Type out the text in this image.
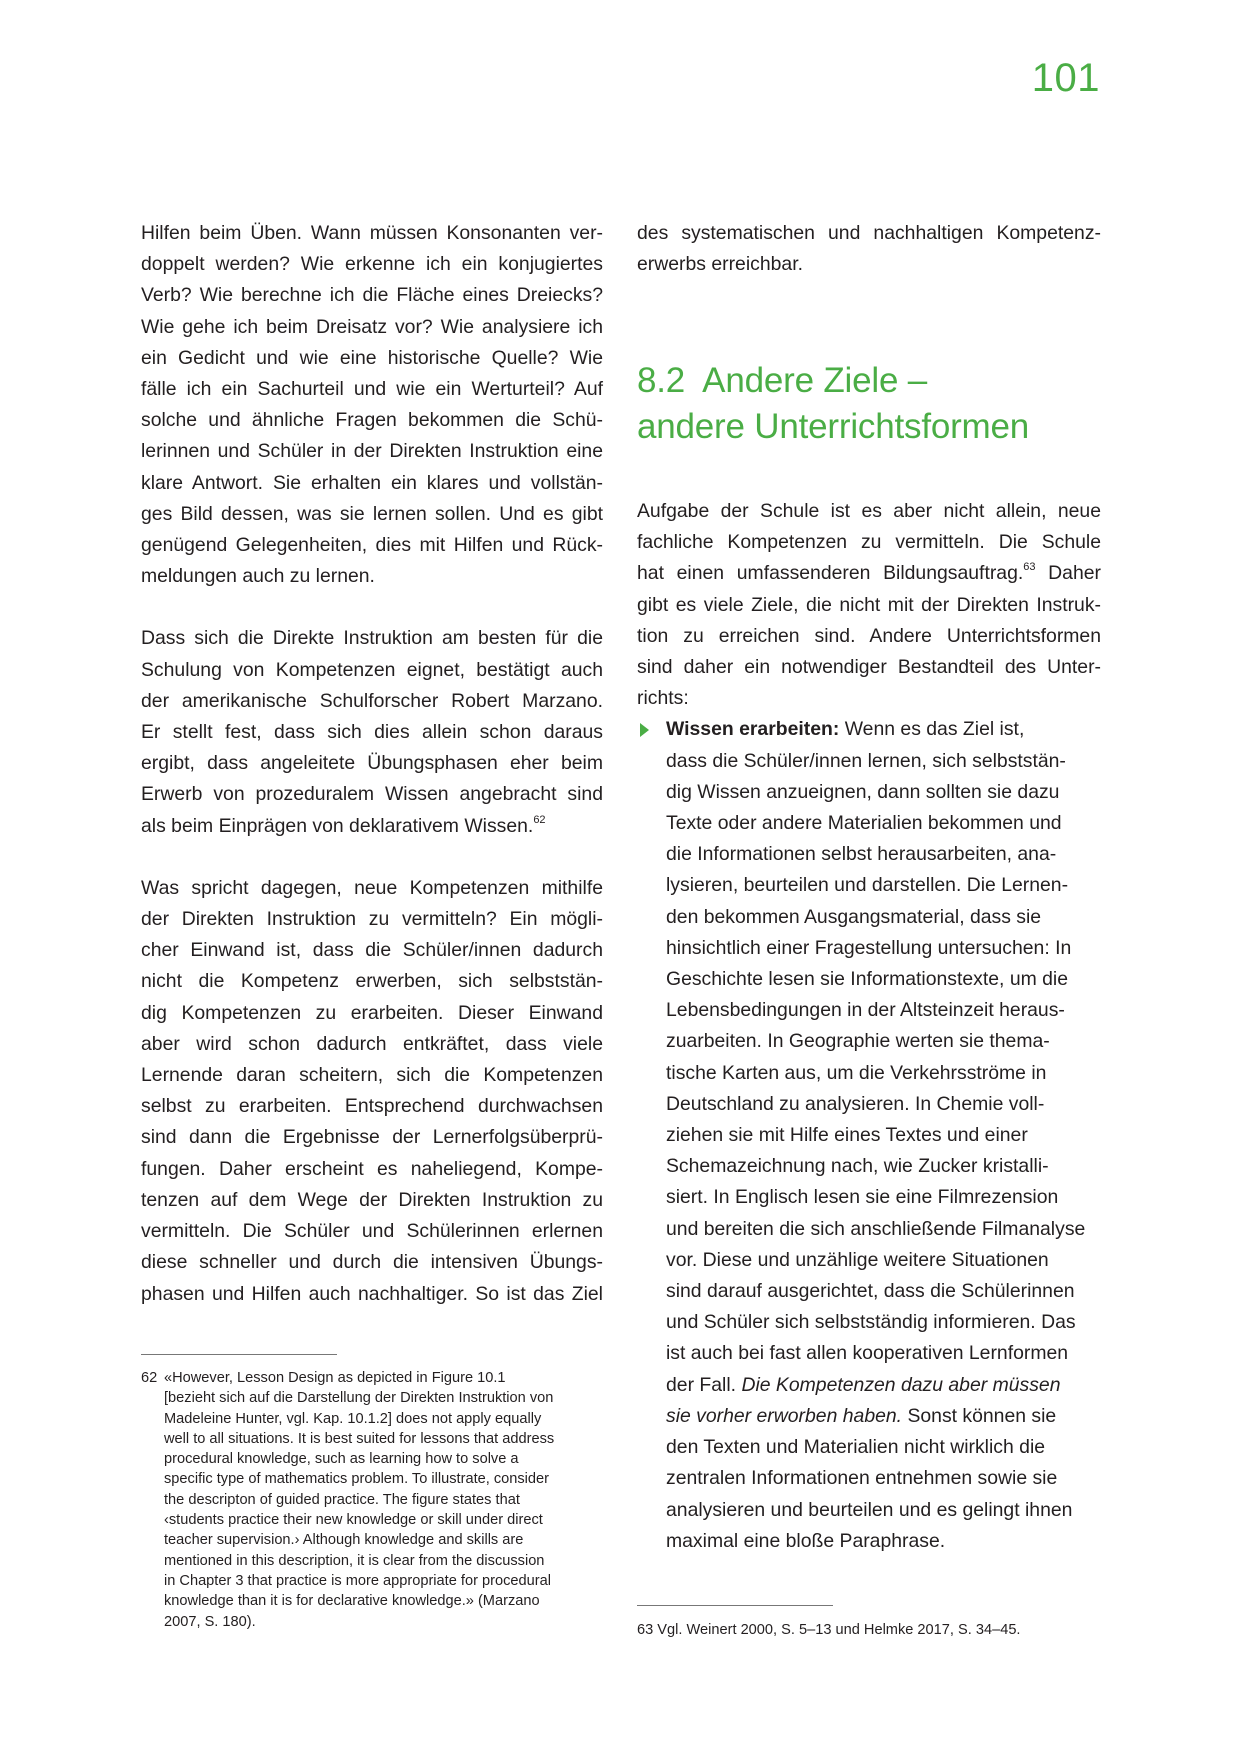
101

Hilfen beim Üben. Wann müssen Konsonanten ver-
doppelt werden? Wie erkenne ich ein konjugiertes
Verb? Wie berechne ich die Fläche eines Dreiecks?
Wie gehe ich beim Dreisatz vor? Wie analysiere ich
ein Gedicht und wie eine historische Quelle? Wie
fälle ich ein Sachurteil und wie ein Werturteil? Auf
solche und ähnliche Fragen bekommen die Schü-
lerinnen und Schüler in der Direkten Instruktion eine
klare Antwort. Sie erhalten ein klares und vollstän-
ges Bild dessen, was sie lernen sollen. Und es gibt
genügend Gelegenheiten, dies mit Hilfen und Rück-
meldungen auch zu lernen.

Dass sich die Direkte Instruktion am besten für die
Schulung von Kompetenzen eignet, bestätigt auch
der amerikanische Schulforscher Robert Marzano.
Er stellt fest, dass sich dies allein schon daraus
ergibt, dass angeleitete Übungsphasen eher beim
Erwerb von prozeduralem Wissen angebracht sind
als beim Einprägen von deklarativem Wissen.$^{62}$

Was spricht dagegen, neue Kompetenzen mithilfe
der Direkten Instruktion zu vermitteln? Ein mögli-
cher Einwand ist, dass die Schüler/innen dadurch
nicht die Kompetenz erwerben, sich selbststän-
dig Kompetenzen zu erarbeiten. Dieser Einwand
aber wird schon dadurch entkräftet, dass viele
Lernende daran scheitern, sich die Kompetenzen
selbst zu erarbeiten. Entsprechend durchwachsen
sind dann die Ergebnisse der Lernerfolgsüberprü-
fungen. Daher erscheint es naheliegend, Kompe-
tenzen auf dem Wege der Direkten Instruktion zu
vermitteln. Die Schüler und Schülerinnen erlernen
diese schneller und durch die intensiven Übungs-
phasen und Hilfen auch nachhaltiger. So ist das Ziel

62 «However, Lesson Design as depicted in Figure 10.1
[bezieht sich auf die Darstellung der Direkten Instruktion von
Madeleine Hunter, vgl. Kap. 10.1.2] does not apply equally
well to all situations. It is best suited for lessons that address
procedural knowledge, such as learning how to solve a
specific type of mathematics problem. To illustrate, consider
the descripton of guided practice. The figure states that
‹students practice their new knowledge or skill under direct
teacher supervision.› Although knowledge and skills are
mentioned in this description, it is clear from the discussion
in Chapter 3 that practice is more appropriate for procedural
knowledge than it is for declarative knowledge.» (Marzano
2007, S. 180).

des systematischen und nachhaltigen Kompetenz-
erwerbs erreichbar.

8.2  Andere Ziele –
andere Unterrichtsformen

Aufgabe der Schule ist es aber nicht allein, neue
fachliche Kompetenzen zu vermitteln. Die Schule
hat einen umfassenderen Bildungsauftrag.$^{63}$ Daher
gibt es viele Ziele, die nicht mit der Direkten Instruk-
tion zu erreichen sind. Andere Unterrichtsformen
sind daher ein notwendiger Bestandteil des Unter-
richts:

Wissen erarbeiten: Wenn es das Ziel ist,
dass die Schüler/innen lernen, sich selbststän-
dig Wissen anzueignen, dann sollten sie dazu
Texte oder andere Materialien bekommen und
die Informationen selbst herausarbeiten, ana-
lysieren, beurteilen und darstellen. Die Lernen-
den bekommen Ausgangsmaterial, dass sie
hinsichtlich einer Fragestellung untersuchen: In
Geschichte lesen sie Informationstexte, um die
Lebensbedingungen in der Altsteinzeit heraus-
zuarbeiten. In Geographie werten sie thema-
tische Karten aus, um die Verkehrsströme in
Deutschland zu analysieren. In Chemie voll-
ziehen sie mit Hilfe eines Textes und einer
Schemazeichnung nach, wie Zucker kristalli-
siert. In Englisch lesen sie eine Filmrezension
und bereiten die sich anschließende Filmanalyse
vor. Diese und unzählige weitere Situationen
sind darauf ausgerichtet, dass die Schülerinnen
und Schüler sich selbstständig informieren. Das
ist auch bei fast allen kooperativen Lernformen
der Fall. Die Kompetenzen dazu aber müssen
sie vorher erworben haben. Sonst können sie
den Texten und Materialien nicht wirklich die
zentralen Informationen entnehmen sowie sie
analysieren und beurteilen und es gelingt ihnen
maximal eine bloße Paraphrase.
63 Vgl. Weinert 2000, S. 5–13 und Helmke 2017, S. 34–45.
